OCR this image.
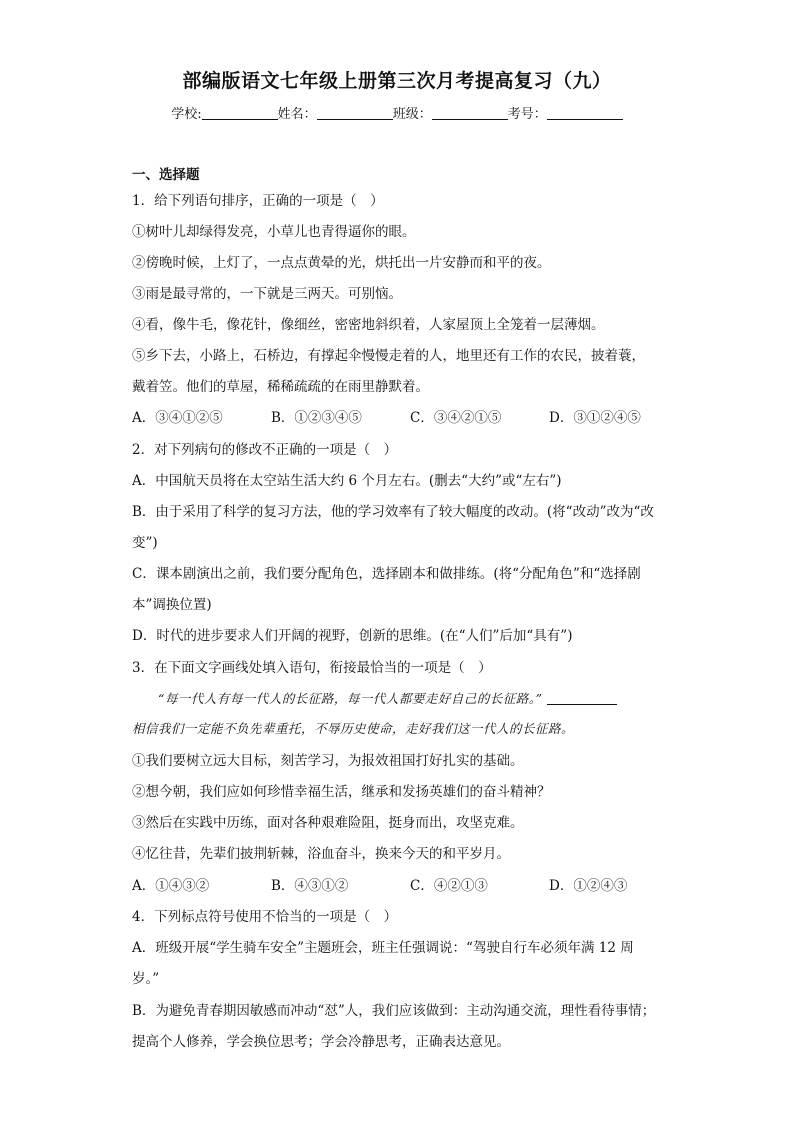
部编版语文七年级上册第三次月考提高复习（九）
学校:	姓名：	班级：	考号：
一、选择题
1．给下列语句排序，正确的一项是（　）
①树叶儿却绿得发亮，小草儿也青得逼你的眼。
②傍晚时候，上灯了，一点点黄晕的光，烘托出一片安静而和平的夜。
③雨是最寻常的，一下就是三两天。可别恼。
④看，像牛毛，像花针，像细丝，密密地斜织着，人家屋顶上全笼着一层薄烟。
⑤乡下去，小路上，石桥边，有撑起伞慢慢走着的人，地里还有工作的农民，披着蓑，
戴着笠。他们的草屋，稀稀疏疏的在雨里静默着。
A．③④①②⑤	B．①②③④⑤	C．③④②①⑤	D．③①②④⑤
2．对下列病句的修改不正确的一项是（　）
A．中国航天员将在太空站生活大约 6 个月左右。(删去“大约”或“左右”)
B．由于采用了科学的复习方法，他的学习效率有了较大幅度的改动。(将“改动”改为“改
变”)
C．课本剧演出之前，我们要分配角色，选择剧本和做排练。(将“分配角色”和“选择剧
本”调换位置)
D．时代的进步要求人们开阔的视野，创新的思维。(在“人们”后加“具有”)
3．在下面文字画线处填入语句，衔接最恰当的一项是（　）
“每一代人有每一代人的长征路，每一代人都要走好自己的长征路。”
相信我们一定能不负先辈重托，不辱历史使命，走好我们这一代人的长征路。
①我们要树立远大目标，刻苦学习，为报效祖国打好扎实的基础。
②想今朝，我们应如何珍惜幸福生活，继承和发扬英雄们的奋斗精神？
③然后在实践中历练，面对各种艰难险阻，挺身而出，攻坚克难。
④忆往昔，先辈们披荆斩棘，浴血奋斗，换来今天的和平岁月。
A．①④③②	B．④③①②	C．④②①③	D．①②④③
4．下列标点符号使用不恰当的一项是（　）
A．班级开展“学生骑车安全”主题班会，班主任强调说：“驾驶自行车必须年满 12 周
岁。”
B．为避免青春期因敏感而冲动“怼”人，我们应该做到：主动沟通交流，理性看待事情；
提高个人修养，学会换位思考；学会冷静思考，正确表达意见。
